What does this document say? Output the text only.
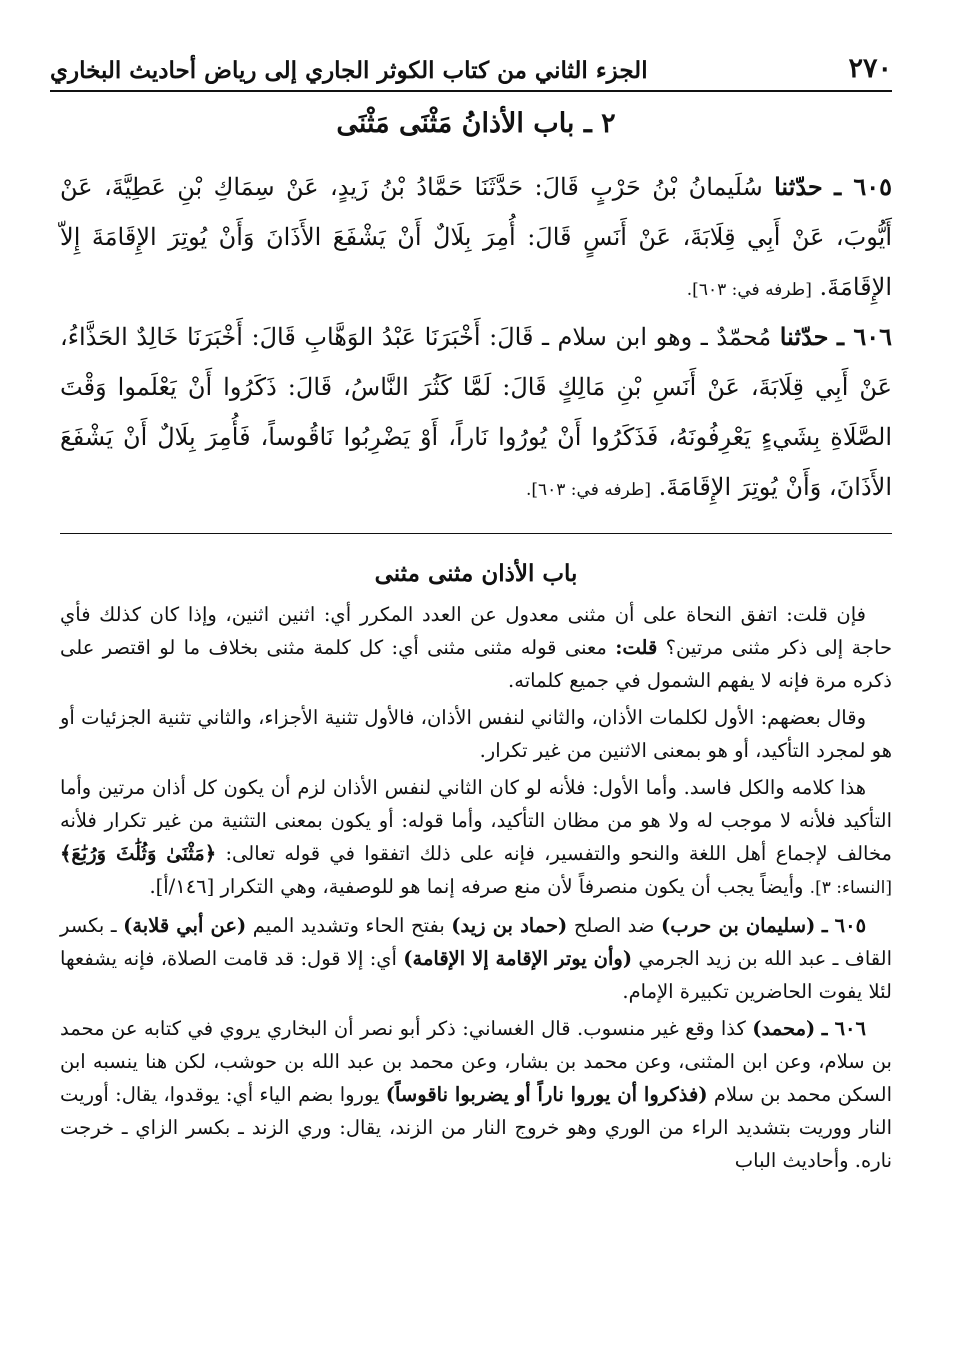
٢٧٠
الجزء الثاني من كتاب الكوثر الجاري إلى رياض أحاديث البخاري
٢ ـ باب الأذانُ مَثْنَى مَثْنَى
٦٠٥ ـ حدّثنا سُلَيمانُ بْنُ حَرْبٍ قَالَ: حَدَّثَنَا حَمَّادُ بْنُ زَيدٍ، عَنْ سِمَاكِ بْنِ عَطِيَّةَ، عَنْ أَيُّوبَ، عَنْ أَبِي قِلَابَةَ، عَنْ أَنَسٍ قَالَ: أُمِرَ بِلَالٌ أَنْ يَشْفَعَ الأَذَانَ وَأَنْ يُوتِرَ الإِقَامَةَ إِلاّ الإِقَامَةَ. [طرفه في: ٦٠٣].
٦٠٦ ـ حدّثنا مُحمّدٌ ـ وهو ابن سلام ـ قَالَ: أَخْبَرَنَا عَبْدُ الوَهَّابِ قَالَ: أَخْبَرَنَا خَالِدٌ الحَذَّاءُ، عَنْ أَبِي قِلَابَةَ، عَنْ أَنَسِ بْنِ مَالِكٍ قَالَ: لَمَّا كَثُرَ النَّاسُ، قَالَ: ذَكَرُوا أَنْ يَعْلَموا وَقْتَ الصَّلَاةِ بِشَيءٍ يَعْرِفُونَهُ، فَذَكَرُوا أَنْ يُورُوا نَاراً، أَوْ يَضْرِبُوا نَاقُوساً، فَأُمِرَ بِلَالٌ أَنْ يَشْفَعَ الأَذَانَ، وَأَنْ يُوتِرَ الإِقَامَةَ. [طرفه في: ٦٠٣].
باب الأذان مثنى مثنى

فإن قلت: اتفق النحاة على أن مثنى معدول عن العدد المكرر أي: اثنين اثنين، وإذا كان كذلك فأي حاجة إلى ذكر مثنى مرتين؟ قلت: معنى قوله مثنى مثنى أي: كل كلمة مثنى بخلاف ما لو اقتصر على ذكره مرة فإنه لا يفهم الشمول في جميع كلماته.

وقال بعضهم: الأول لكلمات الأذان، والثاني لنفس الأذان، فالأول تثنية الأجزاء، والثاني تثنية الجزئيات أو هو لمجرد التأكيد، أو هو بمعنى الاثنين من غير تكرار.

هذا كلامه والكل فاسد. وأما الأول: فلأنه لو كان الثاني لنفس الأذان لزم أن يكون كل أذان مرتين وأما التأكيد فلأنه لا موجب له ولا هو من مظان التأكيد، وأما قوله: أو يكون بمعنى التثنية من غير تكرار فلأنه مخالف لإجماع أهل اللغة والنحو والتفسير، فإنه على ذلك اتفقوا في قوله تعالى: ﴿مَثْنَىٰ وَثُلَٰثَ وَرُبَٰعَ﴾ [النساء: ٣]. وأيضاً يجب أن يكون منصرفاً لأن منع صرفه إنما هو للوصفية، وهي التكرار [١٤٦/أ].

٦٠٥ ـ (سليمان بن حرب) ضد الصلح (حماد بن زيد) بفتح الحاء وتشديد الميم (عن أبي قلابة) ـ بكسر القاف ـ عبد الله بن زيد الجرمي (وأن يوتر الإقامة إلا الإقامة) أي: إلا قول: قد قامت الصلاة، فإنه يشفعها لئلا يفوت الحاضرين تكبيرة الإمام.

٦٠٦ ـ (محمد) كذا وقع غير منسوب. قال الغساني: ذكر أبو نصر أن البخاري يروي في كتابه عن محمد بن سلام، وعن ابن المثنى، وعن محمد بن بشار، وعن محمد بن عبد الله بن حوشب، لكن هنا ينسبه ابن السكن محمد بن سلام (فذكروا أن يوروا ناراً أو يضربوا ناقوساً) يوروا بضم الياء أي: يوقدوا، يقال: أوريت النار ووريت بتشديد الراء من الوري وهو خروج النار من الزند، يقال: وري الزند ـ بكسر الزاي ـ خرجت ناره. وأحاديث الباب
